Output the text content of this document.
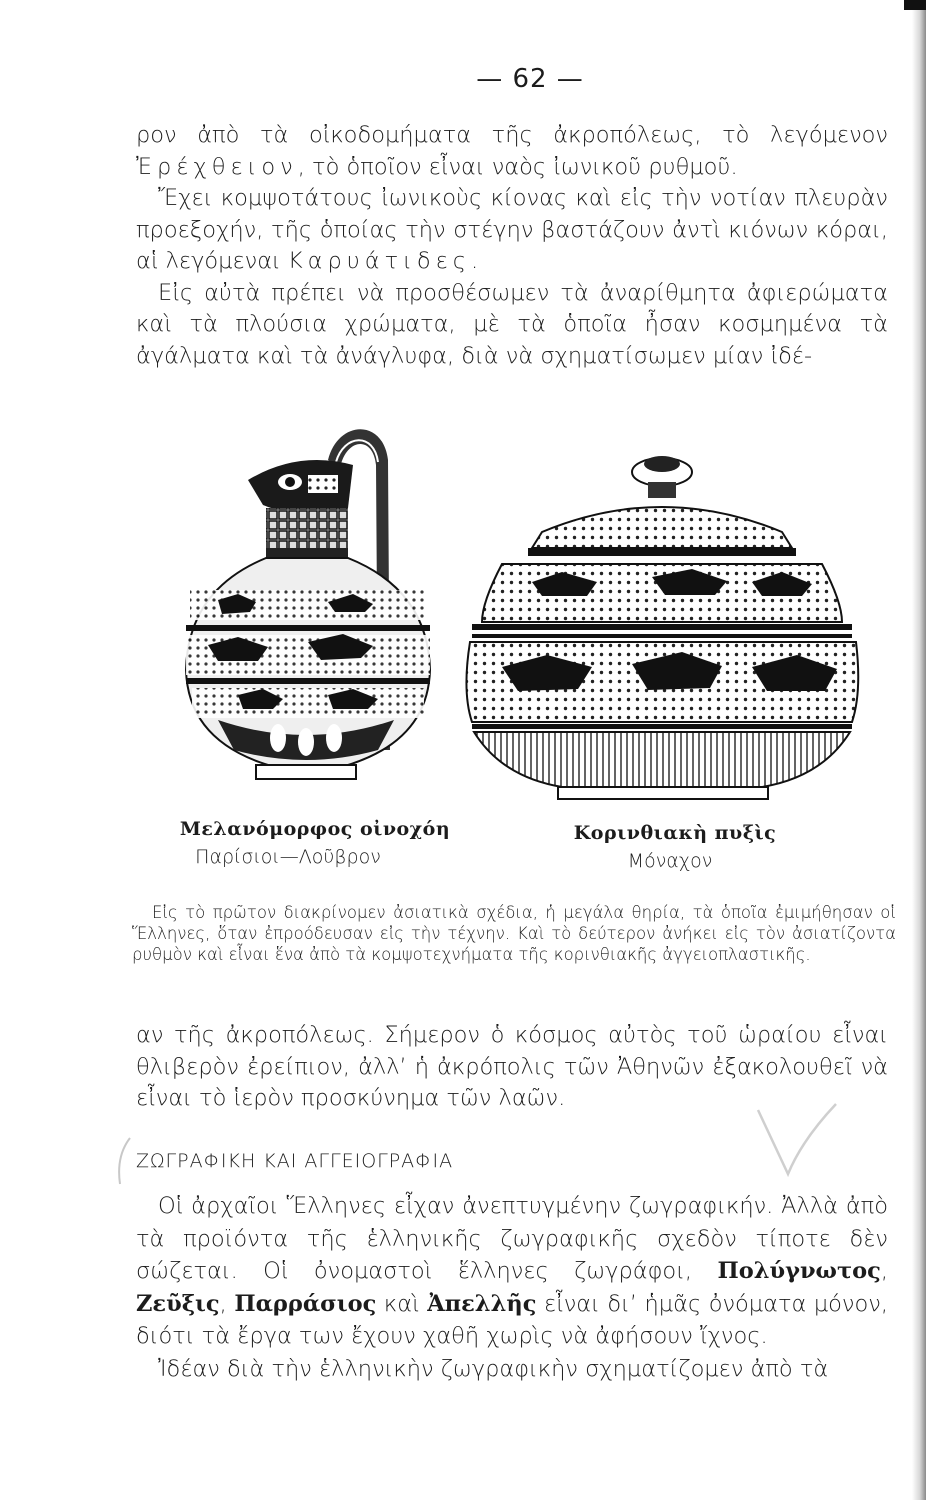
— 62 —

ρον ἀπὸ τὰ οἰκοδομήματα τῆς ἀκροπόλεως, τὸ λεγόμενον Ἐρέχθειον, τὸ ὁποῖον εἶναι ναὸς ἰωνικοῦ ρυθμοῦ.

Ἔχει κομψοτάτους ἰωνικοὺς κίονας καὶ εἰς τὴν νοτίαν πλευρὰν προεξοχήν, τῆς ὁποίας τὴν στέγην βαστάζουν ἀντὶ κιόνων κόραι, αἱ λεγόμεναι Καρυάτιδες.

Εἰς αὐτὰ πρέπει νὰ προσθέσωμεν τὰ ἀναρίθμητα ἀφιερώματα καὶ τὰ πλούσια χρώματα, μὲ τὰ ὁποῖα ἦσαν κοσμημένα τὰ ἀγάλματα καὶ τὰ ἀνάγλυφα, διὰ νὰ σχηματίσωμεν μίαν ἰδέ-

Μελανόμορφος οἰνοχόη
Παρίσιοι—Λοῦβρον
Κορινθιακὴ πυξὶς
Μόναχον

Εἰς τὸ πρῶτον διακρίνομεν ἀσιατικὰ σχέδια, ἡ μεγάλα θηρία, τὰ ὁποῖα ἐμιμήθησαν οἱ Ἕλληνες, ὅταν ἐπροόδευσαν εἰς τὴν τέχνην. Καὶ τὸ δεύτερον ἀνήκει εἰς τὸν ἀσιατίζοντα ρυθμὸν καὶ εἶναι ἕνα ἀπὸ τὰ κομψοτεχνήματα τῆς κορινθιακῆς ἀγγειοπλαστικῆς.

αν τῆς ἀκροπόλεως. Σήμερον ὁ κόσμος αὐτὸς τοῦ ὡραίου εἶναι θλιβερὸν ἐρείπιον, ἀλλ’ ἡ ἀκρόπολις τῶν Ἀθηνῶν ἐξακολουθεῖ νὰ εἶναι τὸ ἱερὸν προσκύνημα τῶν λαῶν.

ΖΩΓΡΑΦΙΚΗ ΚΑΙ ΑΓΓΕΙΟΓΡΑΦΙΑ

Οἱ ἀρχαῖοι Ἕλληνες εἶχαν ἀνεπτυγμένην ζωγραφικήν. Ἀλλὰ ἀπὸ τὰ προϊόντα τῆς ἑλληνικῆς ζωγραφικῆς σχεδὸν τίποτε δὲν σώζεται. Οἱ ὀνομαστοὶ ἕλληνες ζωγράφοι, Πολύγνωτος, Ζεῦξις, Παρράσιος καὶ Ἀπελλῆς εἶναι δι’ ἡμᾶς ὀνόματα μόνον, διότι τὰ ἔργα των ἔχουν χαθῆ χωρὶς νὰ ἀφήσουν ἴχνος.

Ἰδέαν διὰ τὴν ἑλληνικὴν ζωγραφικὴν σχηματίζομεν ἀπὸ τὰ
